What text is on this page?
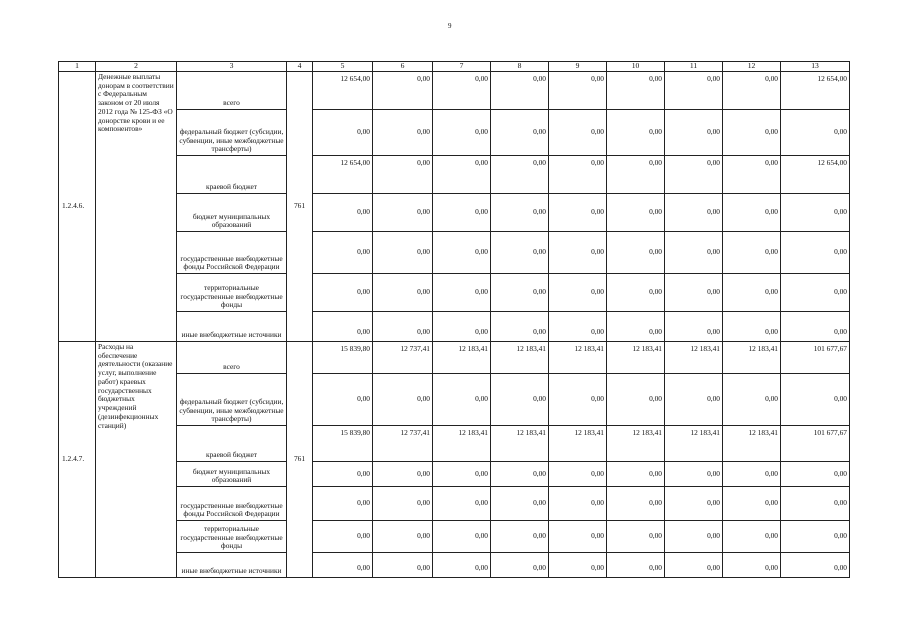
9
1	2	3	4	5	6	7	8	9	10	11	12	13
1.2.4.6.	Денежные выплаты донорам в соответствии с Федеральным законом от 20 июля 2012 года № 125-ФЗ «О донорстве крови и ее компонентов»	всего	761	12 654,00	0,00	0,00	0,00	0,00	0,00	0,00	0,00	12 654,00
		федеральный бюджет (субсидии, субвенции, иные межбюджетные трансферты)		0,00	0,00	0,00	0,00	0,00	0,00	0,00	0,00	0,00
		краевой бюджет		12 654,00	0,00	0,00	0,00	0,00	0,00	0,00	0,00	12 654,00
		бюджет муниципальных образований		0,00	0,00	0,00	0,00	0,00	0,00	0,00	0,00	0,00
		государственные внебюджетные фонды Российской Федерации		0,00	0,00	0,00	0,00	0,00	0,00	0,00	0,00	0,00
		территориальные государственные внебюджетные фонды		0,00	0,00	0,00	0,00	0,00	0,00	0,00	0,00	0,00
		иные внебюджетные источники		0,00	0,00	0,00	0,00	0,00	0,00	0,00	0,00	0,00
1.2.4.7.	Расходы на обеспечение деятельности (оказание услуг, выполнение работ) краевых государственных бюджетных учреждений (дезинфекционных станций)	всего	761	15 839,80	12 737,41	12 183,41	12 183,41	12 183,41	12 183,41	12 183,41	12 183,41	101 677,67
		федеральный бюджет (субсидии, субвенции, иные межбюджетные трансферты)		0,00	0,00	0,00	0,00	0,00	0,00	0,00	0,00	0,00
		краевой бюджет		15 839,80	12 737,41	12 183,41	12 183,41	12 183,41	12 183,41	12 183,41	12 183,41	101 677,67
		бюджет муниципальных образований		0,00	0,00	0,00	0,00	0,00	0,00	0,00	0,00	0,00
		государственные внебюджетные фонды Российской Федерации		0,00	0,00	0,00	0,00	0,00	0,00	0,00	0,00	0,00
		территориальные государственные внебюджетные фонды		0,00	0,00	0,00	0,00	0,00	0,00	0,00	0,00	0,00
		иные внебюджетные источники		0,00	0,00	0,00	0,00	0,00	0,00	0,00	0,00	0,00
